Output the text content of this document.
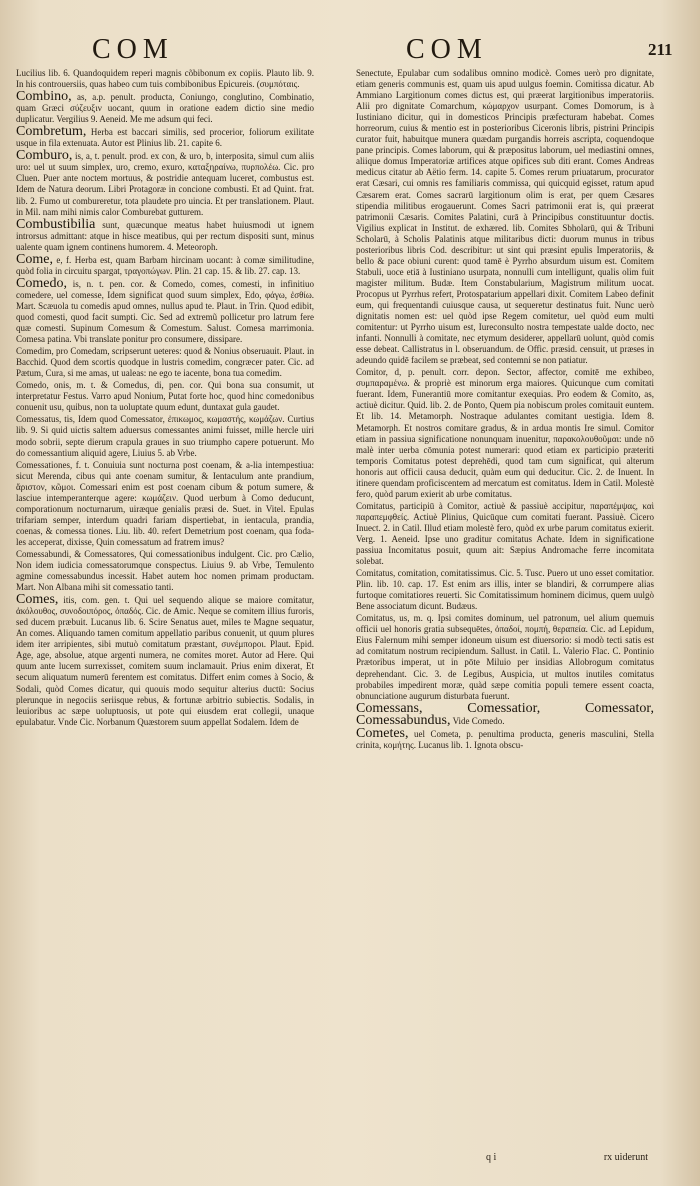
COM	COM	211

Lucilius lib. 6. Quandoquidem reperi magnis cõbibonum ex copiis. Plauto lib. 9. In his controuersiis, quas habeo cum tuis combibonibus Epicureis. (συμπόταις.

Combino, as, a.p. penult. producta, Coniungo, conglutino, Combinatio, quam Græci σύζευξιν uocant, quum in oratione eadem dictio sine medio duplicatur. Vergilius 9. Aeneid. Me me adsum qui feci.

Combretum, Herba est baccari similis, sed procerior, foliorum exilitate usque in fila extenuata. Autor est Plinius lib. 21. capite 6.

Comburo, is, a, t. penult. prod. ex con, & uro, b, interposita, simul cum aliis uro: uel ut suum simplex, uro, cremo, exuro, καταξηραίνω, πυρπολέω. Cic. pro Cluen. Puer ante noctem mortuus, & postridie antequam luceret, combustus est. Idem de Natura deorum. Libri Protagoræ in concione combusti. Et ad Quint. frat. lib. 2. Fumo ut combureretur, tota plaudete pro uincia. Et per translationem. Plaut. in Mil. nam mihi nimis calor Comburebat gutturem.

Combustibilia sunt, quæcunque meatus habet huiusmodi ut ignem introrsus admittant: atque in hisce meatibus, qui per rectum dispositi sunt, minus ualente quam ignem continens humorem. 4. Meteoroph.

Come, e, f. Herba est, quam Barbam hircinam uocant: à comæ similitudine, quòd folia in circuitu spargat, τραγοπώγων. Plin. 21 cap. 15. & lib. 27. cap. 13.

Comedo, is, n. t. pen. cor. & Comedo, comes, comesti, in infinitiuo comedere, uel comesse, Idem significat quod suum simplex, Edo, φάγω, ἐσθίω. Mart. Scæuola tu comedis apud omnes, nullus apud te. Plaut. in Trin. Quod edibit, quod comesti, quod facit sumpti. Cic. Sed ad extremũ pollicetur pro latrum fere quæ comesti. Supinum Comesum & Comestum. Salust. Comesa marrimonia. Comesa patina. Vbi translate ponitur pro consumere, dissipare.

Comedim, pro Comedam, scripserunt ueteres: quod & Nonius obseruauit. Plaut. in Bacchid. Quod dem scortis quodque in lustris comedim, congræcer pater. Cic. ad Pætum, Cura, si me amas, ut ualeas: ne ego te iacente, bona tua comedim.

Comedo, onis, m. t. & Comedus, di, pen. cor. Qui bona sua consumit, ut interpretatur Festus. Varro apud Nonium, Putat forte hoc, quod hinc comedonibus conuenit usu, quibus, non ta uoluptate quum edunt, duntaxat gula gaudet.

Comessatus, tis, Idem quod Comessator, ἐπικωμος, κωμαστής, κωμάζων. Curtius lib. 9. Si quid uictis saltem aduersus comessantes animi fuisset, mille hercle uiri modo sobrii, septe dierum crapula graues in suo triumpho capere potuerunt. Mo do comessantium aliquid agere, Liuius 5. ab Vrbe.

Comessationes, f. t. Conuiuia sunt nocturna post coenam, & a-lia intempestiua: sicut Merenda, cibus qui ante coenam sumitur, & Ientaculum ante prandium, ἄριστον, κῶμοι. Comessari enim est post coenam cibum & potum sumere, & lasciue intemperanterque agere: κωμάζειν. Quod uerbum à Como deducunt, comporationum nocturnarum, uiræque genialis præsi de. Suet. in Vitel. Epulas trifariam semper, interdum quadri fariam dispertiebat, in ientacula, prandia, coenas, & comessa tiones. Liu. lib. 40. refert Demetrium post coenam, qua foda-les acceperat, dixisse, Quin comessatum ad fratrem imus?

Comessabundi, & Comessatores, Qui comessationibus indulgent. Cic. pro Cælio, Non idem iudicia comessatorumque conspectus. Liuius 9. ab Vrbe, Temulento agmine comessabundus incessit. Habet autem hoc nomen primam productam. Mart. Non Albana mihi sit comessatio tanti.

Comes, itis, com. gen. t. Qui uel sequendo alique se maiore comitatur, ἀκόλουθος, συνοδοιπόρος, ὀπαδός. Cic. de Amic. Neque se comitem illius furoris, sed ducem præbuit. Lucanus lib. 6. Scire Senatus auet, miles te Magne sequatur, An comes. Aliquando tamen comitum appellatio paribus conuenit, ut quum plures idem iter arripientes, sibi mutuò comitatum præstant, συνέμποροι. Plaut. Epid. Age, age, absolue, atque argenti numera, ne comites moret. Autor ad Here. Qui quum ante lucem surrexisset, comitem suum inclamauit. Prius enim dixerat, Et secum aliquatum numerū ferentem est comitatus. Differt enim comes à Socio, & Sodali, quòd Comes dicatur, qui quouis modo sequitur alterius ductū: Socius plerunque in negociis seriisque rebus, & fortunæ arbitrio subiectis. Sodalis, in leuioribus ac sæpe uoluptuosis, ut pote qui eiusdem erat collegii, unaque epulabatur. Vnde Cic. Norbanum Quæstorem suum appellat Sodalem. Idem de

Senectute, Epulabar cum sodalibus omnino modicè. Comes uerò pro dignitate, etiam generis communis est, quam uis apud uulgus foemin. Comitissa dicatur. Ab Ammiano Largitionum comes dictus est, qui præerat largitionibus imperatoriis. Alii pro dignitate Comarchum, κώμαρχον usurpant. Comes Domorum, is à Iustiniano dicitur, qui in domesticos Principis præfecturam habebat. Comes horreorum, cuius & mentio est in posterioribus Ciceronis libris, pistrini Principis curator fuit, habuitque munera quædam purgandis horreis ascripta, coquendoque pane principis. Comes laborum, qui & præpositus laborum, uel mediastini omnes, aliique domus Imperatoriæ artifices atque opifices sub diti erant. Comes Andreas medicus citatur ab Aëtio ferm. 14. capite 5. Comes rerum priuatarum, procurator erat Cæsari, cui omnis res familiaris commissa, qui quicquid egisset, ratum apud Cæsarem erat. Comes sacrarū largitionum olim is erat, per quem Cæsares stipendia militibus erogauerunt. Comes Sacri patrimonii erat is, qui præerat patrimonii Cæsaris. Comites Palatini, curā à Principibus constituuntur doctis. Vigilius explicat in Institut. de exhæred. lib. Comites Sbholarū, qui & Tribuni Scholarū, à Scholis Palatinis atque militaribus dicti: duorum munus in tribus posterioribus libris Cod. describitur: ut sint qui præsint epulis Imperatoriis, & bello & pace obiuni curent: quod tamē è Pyrrho absurdum uisum est. Comitem Stabuli, uoce etiā à Iustiniano usurpata, nonnulli cum intelligunt, qualis olim fuit magister militum. Budæ. Item Constabularium, Magistrum militum uocat. Procopus ut Pyrrhus refert, Protospatarium appellari dixit. Comitem Labeo definit eum, qui frequentandi cuiusque causa, ut sequeretur destinatus fuit. Nunc uerò dignitatis nomen est: uel quòd ipse Regem comitetur, uel quòd eum multi comitentur: ut Pyrrho uisum est, Iureconsulto nostra tempestate ualde docto, nec infanti. Nonnulli à comitate, nec etymum desiderer, appellarū uolunt, quòd comis esse debeat. Callistratus in l. obseruandum. de Offic. præsid. censuit, ut præses in adeundo quidē facilem se præbeat, sed contemni se non patiatur.

Comitor, d, p. penult. corr. depon. Sector, affector, comitē me exhibeo, συμπαραμένω. & propriè est minorum erga maiores. Quicunque cum comitati fuerant. Idem, Funerantiū more comitantur exequias. Pro eodem & Comito, as, actiuè dicitur. Quid. lib. 2. de Ponto, Quem pia nobiscum proles comitauit euntem. Et lib. 14. Metamorph. Nostraque adulantes comitant uestigia. Idem 8. Metamorph. Et nostros comitare gradus, & in ardua montis Ire simul. Comitor etiam in passiua significatione nonunquam inuenitur, παρακολουθοῦμαι: unde nō malè inter uerba cōmunia potest numerari: quod etiam ex participio præteriti temporis Comitatus potest deprehēdi, quod tam cum significat, qui alterum honoris aut officii causa deducit, quàm eum qui deducitur. Cic. 2. de Inuent. In itinere quendam proficiscentem ad mercatum est comitatus. Idem in Catil. Molestè fero, quòd parum exierit ab urbe comitatus.

Comitatus, participiū à Comitor, actiuè & passiuè accipitur, παραπέμψας, καὶ παραπεμφθείς. Actiuè Plinius, Quicūque cum comitati fuerant. Passiuè. Cicero Inuect. 2. in Catil. Illud etiam molestè fero, quòd ex urbe parum comitatus exierit. Verg. 1. Aeneid. Ipse uno graditur comitatus Achate. Idem in significatione passiua Incomitatus posuit, quum ait: Sæpius Andromache ferre incomitata solebat.

Comitatus, comitation, comitatissimus. Cic. 5. Tusc. Puero ut uno esset comitatior. Plin. lib. 10. cap. 17. Est enim ars illis, inter se blandiri, & corrumpere alias furtoque comitatiores reuerti. Sic Comitatissimum hominem dicimus, quem uulgò Bene associatum dicunt. Budæus.

Comitatus, us, m. q. Ipsi comites dominum, uel patronum, uel alium quemuis officii uel honoris gratia subsequētes, ὀπαδοί, πομπή, θεραπεία. Cic. ad Lepidum, Eius Falernum mihi semper idoneum uisum est diuersorio: si modò tecti satis est ad comitatum nostrum recipiendum. Sallust. in Catil. L. Valerio Flac. C. Pontinio Prætoribus imperat, ut in pōte Miluio per insidias Allobrogum comitatus deprehendant. Cic. 3. de Legibus, Auspicia, ut multos inutiles comitatus probabiles impedirent moræ, quàd sæpe comitia populi temere essent coacta, obnunciatione augurum disturbata fuerunt.

Comessans, Comessatior, Comessator, Comessabundus, Vide Comedo.

Cometes, uel Cometa, p. penultima producta, generis masculini, Stella crinita, κομήτης. Lucanus lib. 1. Ignota obscu-

q i	rx uiderunt
